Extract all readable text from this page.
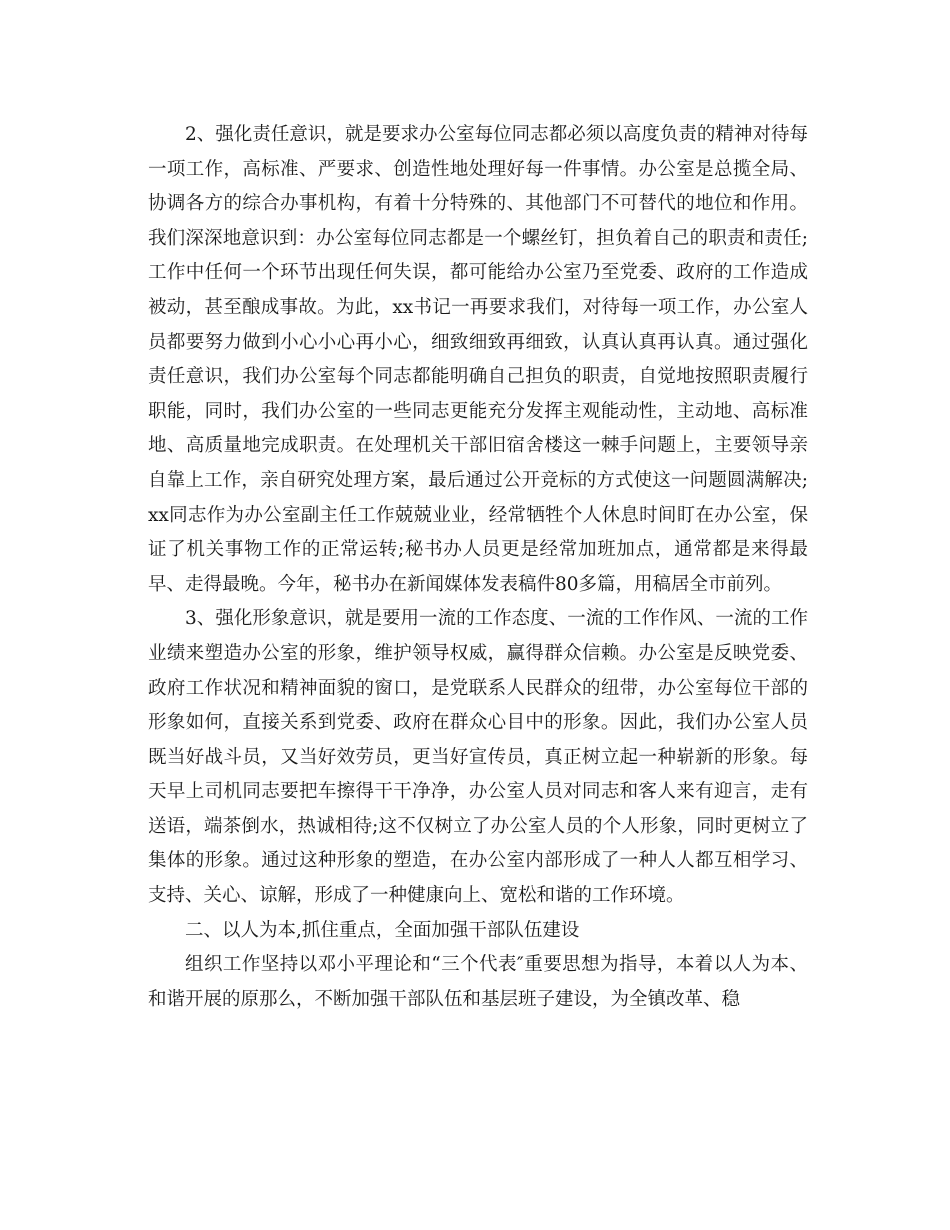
2、强化责任意识，就是要求办公室每位同志都必须以高度负责的精神对待每一项工作，高标准、严要求、创造性地处理好每一件事情。办公室是总揽全局、协调各方的综合办事机构，有着十分特殊的、其他部门不可替代的地位和作用。我们深深地意识到：办公室每位同志都是一个螺丝钉，担负着自己的职责和责任;工作中任何一个环节出现任何失误，都可能给办公室乃至党委、政府的工作造成被动，甚至酿成事故。为此，xx书记一再要求我们，对待每一项工作，办公室人员都要努力做到小心小心再小心，细致细致再细致，认真认真再认真。通过强化责任意识，我们办公室每个同志都能明确自己担负的职责，自觉地按照职责履行职能，同时，我们办公室的一些同志更能充分发挥主观能动性，主动地、高标准地、高质量地完成职责。在处理机关干部旧宿舍楼这一棘手问题上，主要领导亲自靠上工作，亲自研究处理方案，最后通过公开竞标的方式使这一问题圆满解决;xx同志作为办公室副主任工作兢兢业业，经常牺牲个人休息时间盯在办公室，保证了机关事物工作的正常运转;秘书办人员更是经常加班加点，通常都是来得最早、走得最晚。今年，秘书办在新闻媒体发表稿件80多篇，用稿居全市前列。

3、强化形象意识，就是要用一流的工作态度、一流的工作作风、一流的工作业绩来塑造办公室的形象，维护领导权威，赢得群众信赖。办公室是反映党委、政府工作状况和精神面貌的窗口，是党联系人民群众的纽带，办公室每位干部的形象如何，直接关系到党委、政府在群众心目中的形象。因此，我们办公室人员既当好战斗员，又当好效劳员，更当好宣传员，真正树立起一种崭新的形象。每天早上司机同志要把车擦得干干净净，办公室人员对同志和客人来有迎言，走有送语，端茶倒水，热诚相待;这不仅树立了办公室人员的个人形象，同时更树立了集体的形象。通过这种形象的塑造，在办公室内部形成了一种人人都互相学习、支持、关心、谅解，形成了一种健康向上、宽松和谐的工作环境。

二、以人为本,抓住重点，全面加强干部队伍建设

组织工作坚持以邓小平理论和“三个代表″重要思想为指导，本着以人为本、和谐开展的原那么，不断加强干部队伍和基层班子建设，为全镇改革、稳
